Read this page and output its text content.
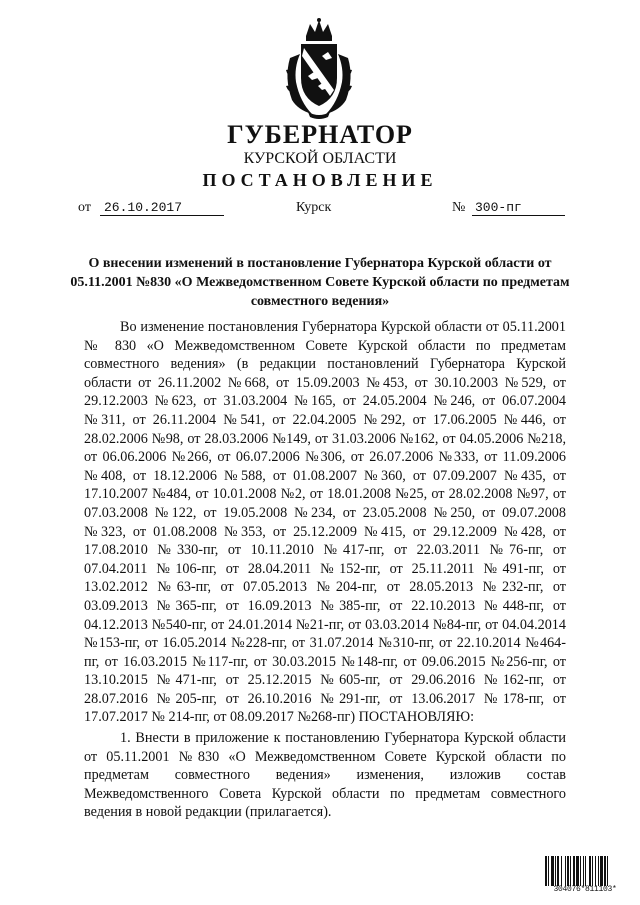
ГУБЕРНАТОР
КУРСКОЙ ОБЛАСТИ
ПОСТАНОВЛЕНИЕ
от	26.10.2017	Курск	№ 300-пг
О внесении изменений в постановление Губернатора Курской области от 05.11.2001 №830 «О Межведомственном Совете Курской области по предметам совместного ведения»

Во изменение постановления Губернатора Курской области от 05.11.2001 № 830 «О Межведомственном Совете Курской области по предметам совместного ведения» (в редакции постановлений Губернатора Курской области от 26.11.2002 №668, от 15.09.2003 №453, от 30.10.2003 №529, от 29.12.2003 №623, от 31.03.2004 №165, от 24.05.2004 №246, от 06.07.2004 №311, от 26.11.2004 №541, от 22.04.2005 №292, от 17.06.2005 №446, от 28.02.2006 №98, от 28.03.2006 №149, от 31.03.2006 №162, от 04.05.2006 №218, от 06.06.2006 №266, от 06.07.2006 №306, от 26.07.2006 №333, от 11.09.2006 №408, от 18.12.2006 №588, от 01.08.2007 №360, от 07.09.2007 №435, от 17.10.2007 №484, от 10.01.2008 №2, от 18.01.2008 №25, от 28.02.2008 №97, от 07.03.2008 №122, от 19.05.2008 №234, от 23.05.2008 №250, от 09.07.2008 №323, от 01.08.2008 №353, от 25.12.2009 №415, от 29.12.2009 №428, от 17.08.2010 №330-пг, от 10.11.2010 №417-пг, от 22.03.2011 №76-пг, от 07.04.2011 №106-пг, от 28.04.2011 №152-пг, от 25.11.2011 №491-пг, от 13.02.2012 №63-пг, от 07.05.2013 №204-пг, от 28.05.2013 №232-пг, от 03.09.2013 №365-пг, от 16.09.2013 №385-пг, от 22.10.2013 №448-пг, от 04.12.2013 №540-пг, от 24.01.2014 №21-пг, от 03.03.2014 №84-пг, от 04.04.2014 №153-пг, от 16.05.2014 №228-пг, от 31.07.2014 №310-пг, от 22.10.2014 №464-пг, от 16.03.2015 №117-пг, от 30.03.2015 №148-пг, от 09.06.2015 №256-пг, от 13.10.2015 №471-пг, от 25.12.2015 №605-пг, от 29.06.2016 №162-пг, от 28.07.2016 №205-пг, от 26.10.2016 №291-пг, от 13.06.2017 №178-пг, от 17.07.2017 № 214-пг, от 08.09.2017 №268-пг) ПОСТАНОВЛЯЮ:

1. Внести в приложение к постановлению Губернатора Курской области от 05.11.2001 №830 «О Межведомственном Совете Курской области по предметам совместного ведения» изменения, изложив состав Межведомственного Совета Курской области по предметам совместного ведения в новой редакции (прилагается).

304076*811103*
